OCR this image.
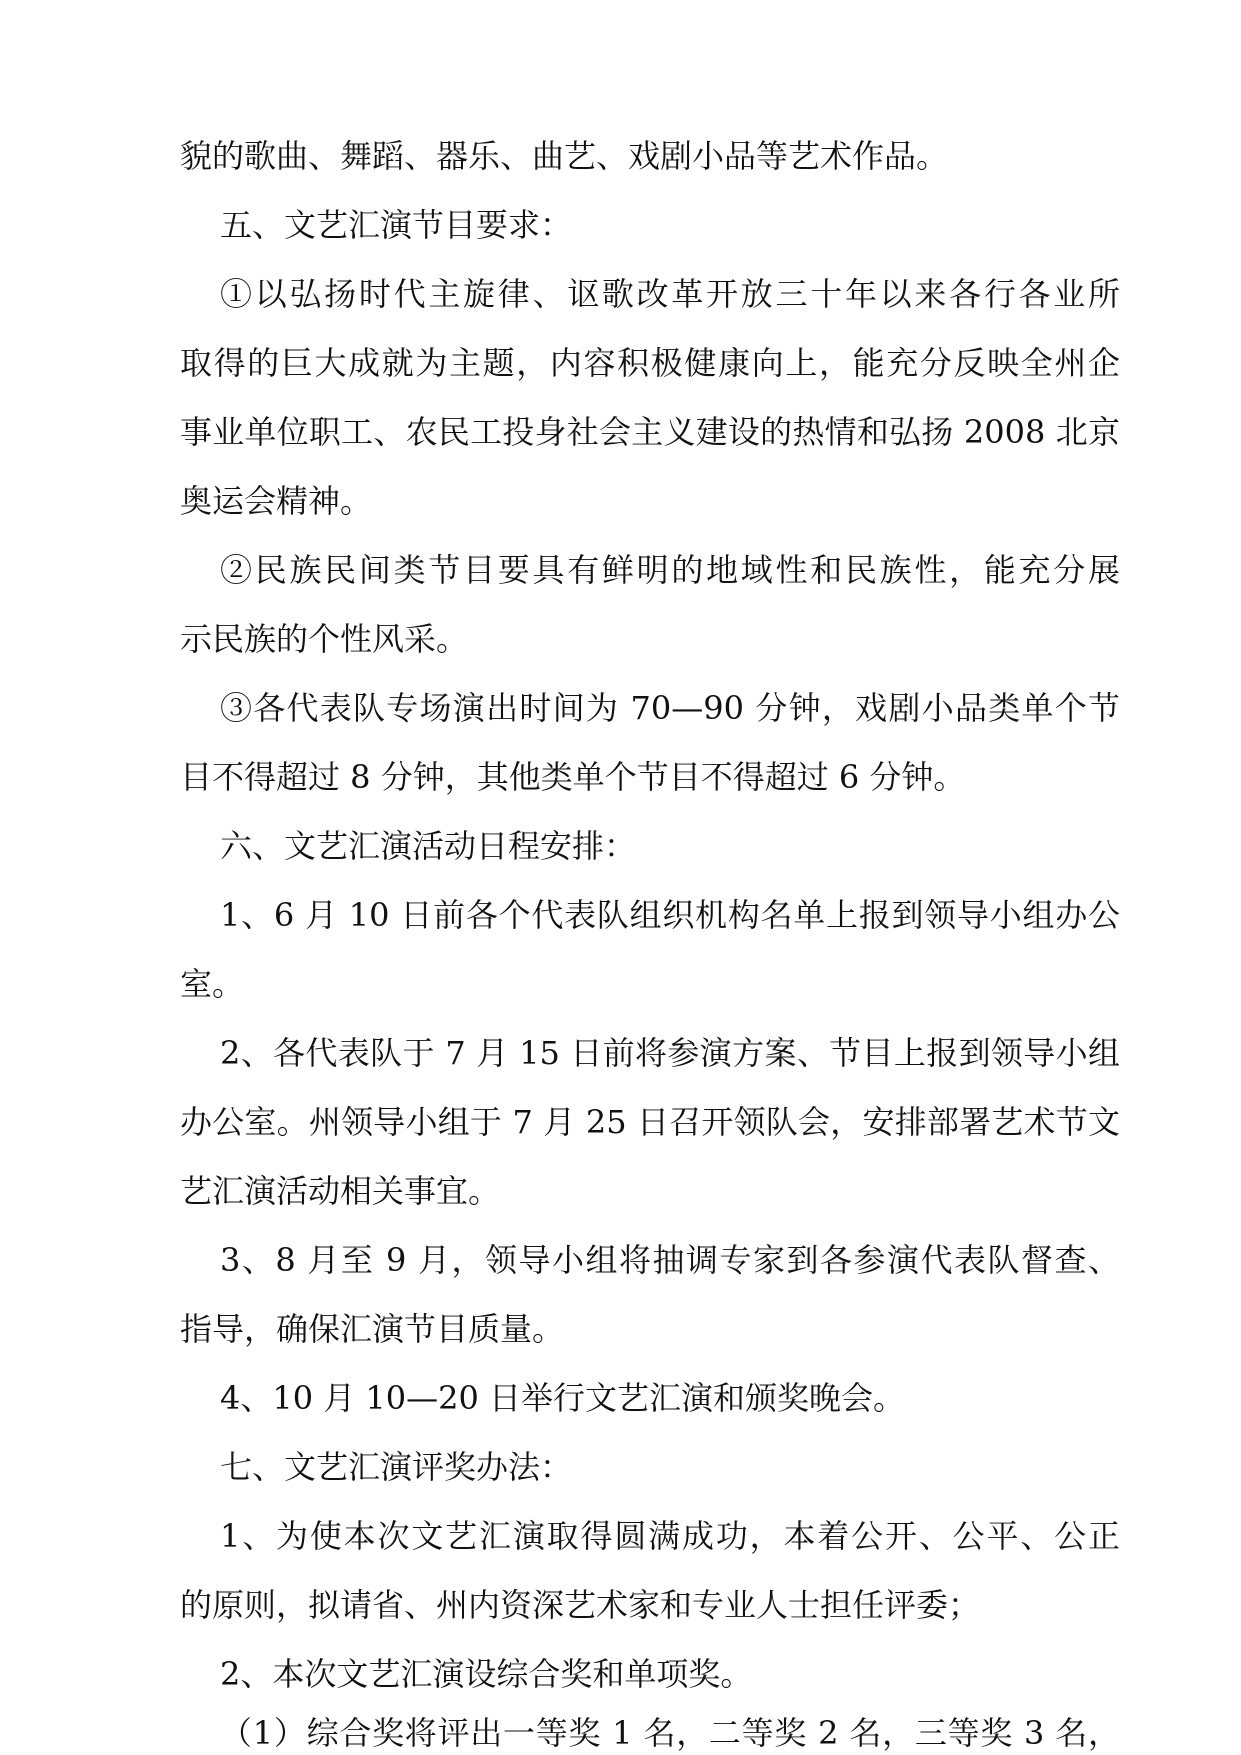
貌的歌曲、舞蹈、器乐、曲艺、戏剧小品等艺术作品。
五、文艺汇演节目要求：
①以弘扬时代主旋律、讴歌改革开放三十年以来各行各业所
取得的巨大成就为主题，内容积极健康向上，能充分反映全州企
事业单位职工、农民工投身社会主义建设的热情和弘扬 2008 北京
奥运会精神。
②民族民间类节目要具有鲜明的地域性和民族性，能充分展
示民族的个性风采。
③各代表队专场演出时间为 70—90 分钟，戏剧小品类单个节
目不得超过 8 分钟，其他类单个节目不得超过 6 分钟。
六、文艺汇演活动日程安排：
1、6 月 10 日前各个代表队组织机构名单上报到领导小组办公
室。
2、各代表队于 7 月 15 日前将参演方案、节目上报到领导小组
办公室。州领导小组于 7 月 25 日召开领队会，安排部署艺术节文
艺汇演活动相关事宜。
3、8 月至 9 月，领导小组将抽调专家到各参演代表队督查、
指导，确保汇演节目质量。
4、10 月 10—20 日举行文艺汇演和颁奖晚会。
七、文艺汇演评奖办法：
1、为使本次文艺汇演取得圆满成功，本着公开、公平、公正
的原则，拟请省、州内资深艺术家和专业人士担任评委；
2、本次文艺汇演设综合奖和单项奖。
（1）综合奖将评出一等奖 1 名，二等奖 2 名，三等奖 3 名，
